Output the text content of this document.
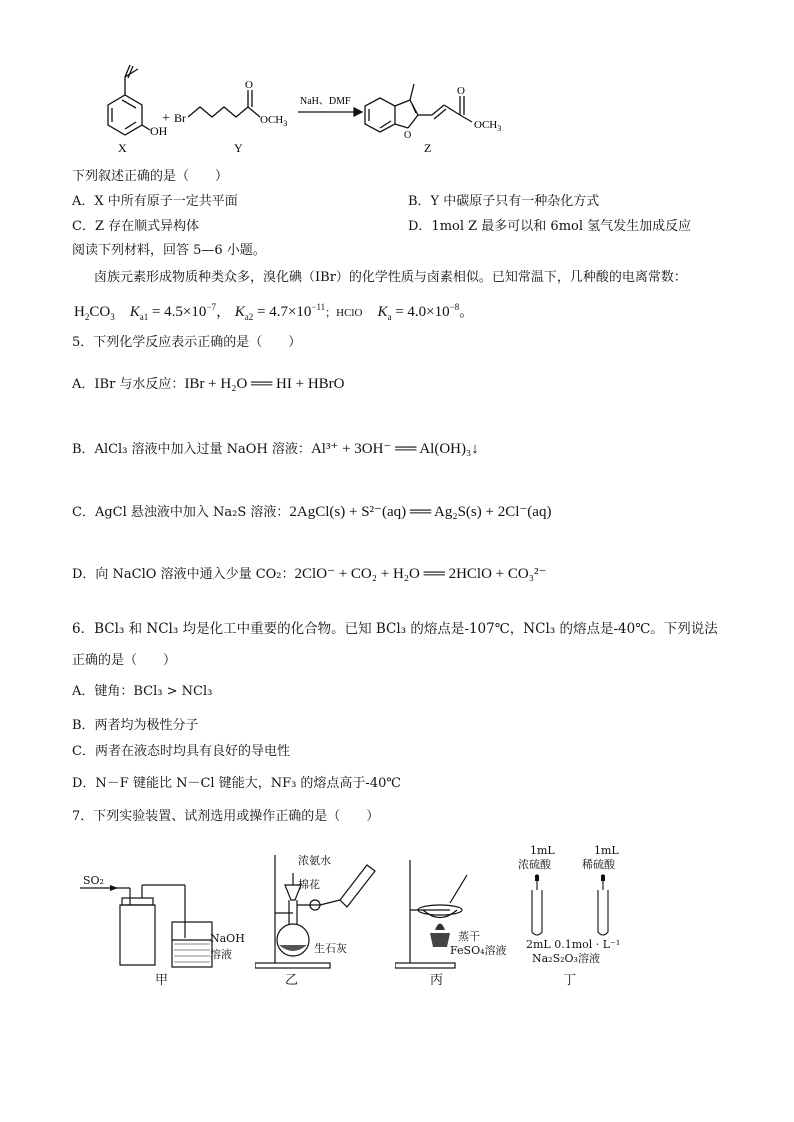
OH
X
+ Br
O
$OCH_3$
Y
NaH、DMF
O
O
$OCH_3$
Z
下列叙述正确的是（　　）
A．X 中所有原子一定共平面	B．Y 中碳原子只有一种杂化方式
C．Z 存在顺式异构体	D．1mol Z 最多可以和 6mol 氢气发生加成反应
阅读下列材料，回答 5—6 小题。
卤族元素形成物质种类众多，溴化碘（IBr）的化学性质与卤素相似。已知常温下，几种酸的电离常数：
$H_2CO_3$ $K_{a1} = 4.5\times 10^{-7}$， $K_{a2} = 4.7\times 10^{-11}$；HClO $K_a = 4.0\times 10^{-8}$。
5．下列化学反应表示正确的是（　　）
A．IBr 与水反应：IBr + H₂O ══ HI + HBrO
B．AlCl₃ 溶液中加入过量 NaOH 溶液：Al³⁺ + 3OH⁻ ══ Al(OH)₃↓
C．AgCl 悬浊液中加入 Na₂S 溶液：2AgCl(s) + S²⁻(aq) ══ Ag₂S(s) + 2Cl⁻(aq)
D．向 NaClO 溶液中通入少量 CO₂：2ClO⁻ + CO₂ + H₂O ══ 2HClO + CO₃²⁻
6．BCl₃ 和 NCl₃ 均是化工中重要的化合物。已知 BCl₃ 的熔点是-107℃，NCl₃ 的熔点是-40℃。下列说法
正确的是（　　）
A．键角：BCl₃ > NCl₃
B．两者均为极性分子
C．两者在液态时均具有良好的导电性
D．N－F 键能比 N－Cl 键能大，NF₃ 的熔点高于-40℃
7．下列实验装置、试剂选用或操作正确的是（　　）
SO₂
NaOH
溶液
甲
浓氨水
棉花
生石灰
乙
蒸干
FeSO₄溶液
丙
1mL
浓硫酸
1mL
稀硫酸
2mL 0.1mol · L⁻¹
Na₂S₂O₃溶液
丁
